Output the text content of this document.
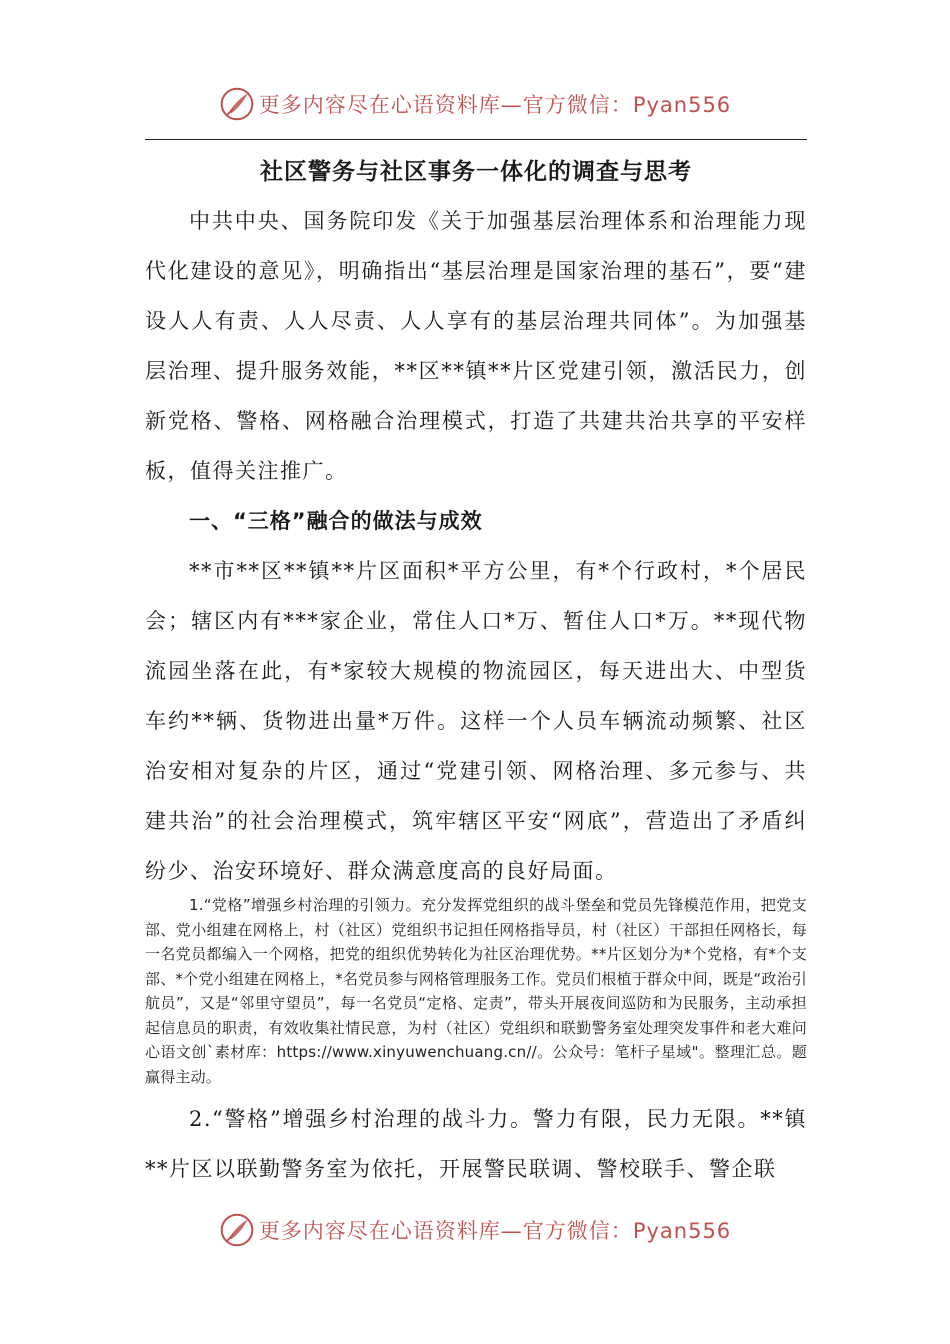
更多内容尽在心语资料库—官方微信：Pyan556
社区警务与社区事务一体化的调查与思考
中共中央、国务院印发《关于加强基层治理体系和治理能力现代化建设的意见》，明确指出“基层治理是国家治理的基石”，要“建设人人有责、人人尽责、人人享有的基层治理共同体”。为加强基层治理、提升服务效能，**区**镇**片区党建引领，激活民力，创新党格、警格、网格融合治理模式，打造了共建共治共享的平安样板，值得关注推广。
一、“三格”融合的做法与成效
**市**区**镇**片区面积*平方公里，有*个行政村，*个居民会；辖区内有***家企业，常住人口*万、暂住人口*万。**现代物流园坐落在此，有*家较大规模的物流园区，每天进出大、中型货车约**辆、货物进出量*万件。这样一个人员车辆流动频繁、社区治安相对复杂的片区，通过“党建引领、网格治理、多元参与、共建共治”的社会治理模式，筑牢辖区平安“网底”，营造出了矛盾纠纷少、治安环境好、群众满意度高的良好局面。
1.“党格”增强乡村治理的引领力。充分发挥党组织的战斗堡垒和党员先锋模范作用，把党支部、党小组建在网格上，村（社区）党组织书记担任网格指导员，村（社区）干部担任网格长，每一名党员都编入一个网格，把党的组织优势转化为社区治理优势。**片区划分为*个党格，有*个支部、*个党小组建在网格上，*名党员参与网格管理服务工作。党员们根植于群众中间，既是“政治引航员”，又是“邻里守望员”，每一名党员“定格、定责”，带头开展夜间巡防和为民服务，主动承担起信息员的职责，有效收集社情民意，为村（社区）党组织和联勤警务室处理突发事件和老大难问心语文创`素材库：https://www.xinyuwenchuang.cn//。公众号：笔杆子星域"。整理汇总。题赢得主动。
2.“警格”增强乡村治理的战斗力。警力有限，民力无限。**镇**片区以联勤警务室为依托，开展警民联调、警校联手、警企联
更多内容尽在心语资料库—官方微信：Pyan556
